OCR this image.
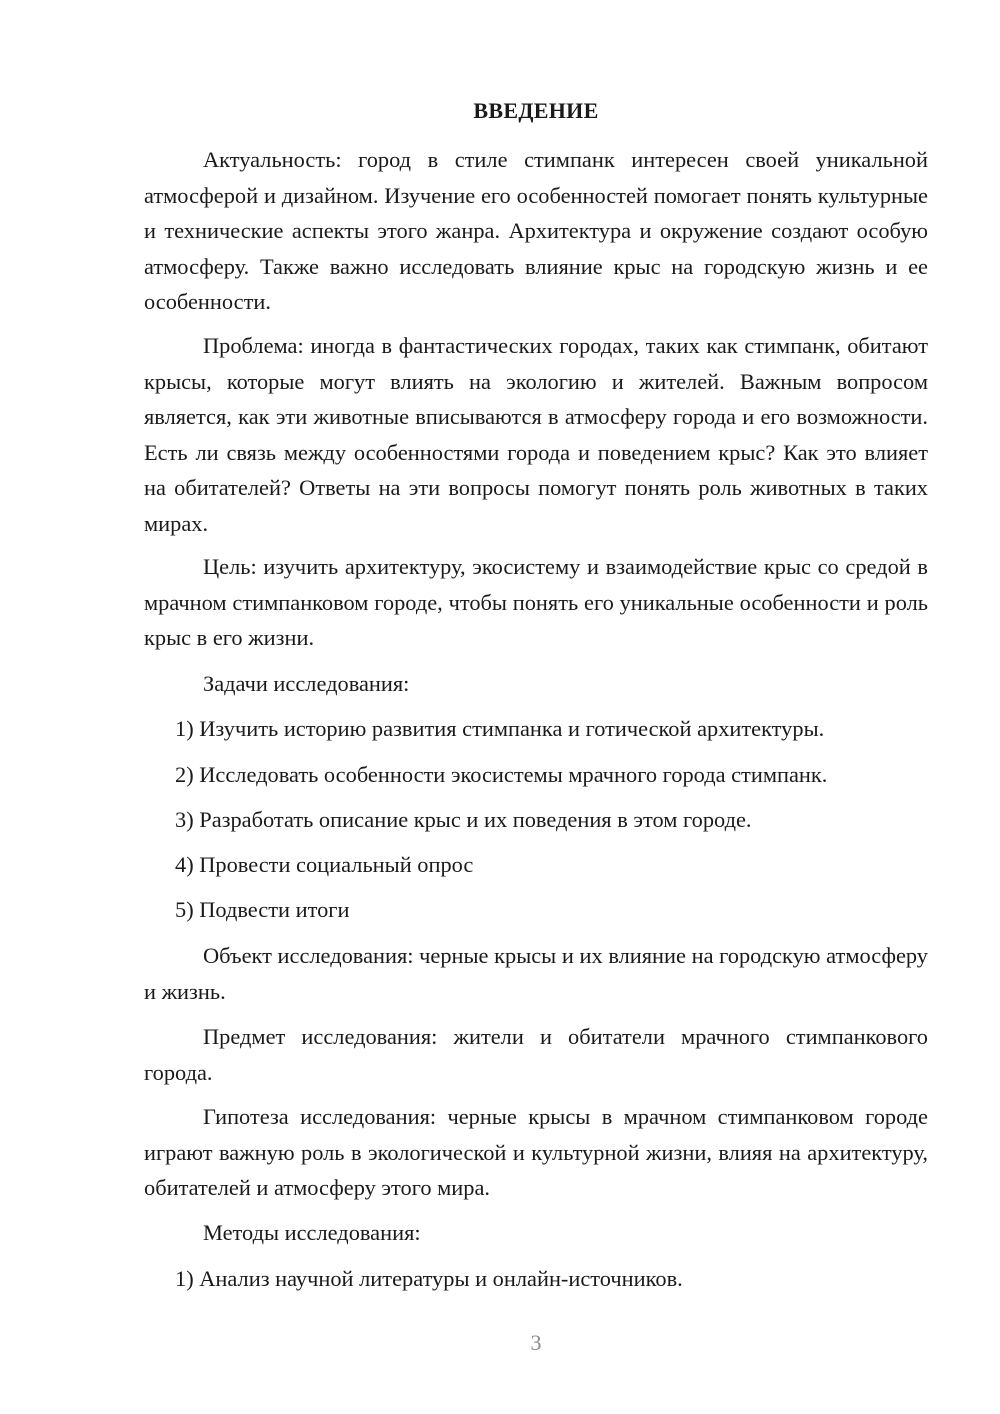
ВВЕДЕНИЕ

Актуальность: город в стиле стимпанк интересен своей уникальной атмосферой и дизайном. Изучение его особенностей помогает понять культурные и технические аспекты этого жанра. Архитектура и окружение создают особую атмосферу. Также важно исследовать влияние крыс на городскую жизнь и ее особенности.

Проблема: иногда в фантастических городах, таких как стимпанк, обитают крысы, которые могут влиять на экологию и жителей. Важным вопросом является, как эти животные вписываются в атмосферу города и его возможности. Есть ли связь между особенностями города и поведением крыс? Как это влияет на обитателей? Ответы на эти вопросы помогут понять роль животных в таких мирах.

Цель: изучить архитектуру, экосистему и взаимодействие крыс со средой в мрачном стимпанковом городе, чтобы понять его уникальные особенности и роль крыс в его жизни.

Задачи исследования:

1) Изучить историю развития стимпанка и готической архитектуры.

2) Исследовать особенности экосистемы мрачного города стимпанк.

3) Разработать описание крыс и их поведения в этом городе.

4) Провести социальный опрос

5) Подвести итоги

Объект исследования: черные крысы и их влияние на городскую атмосферу и жизнь.

Предмет исследования: жители и обитатели мрачного стимпанкового города.

Гипотеза исследования: черные крысы в мрачном стимпанковом городе играют важную роль в экологической и культурной жизни, влияя на архитектуру, обитателей и атмосферу этого мира.

Методы исследования:

1) Анализ научной литературы и онлайн-источников.

3
